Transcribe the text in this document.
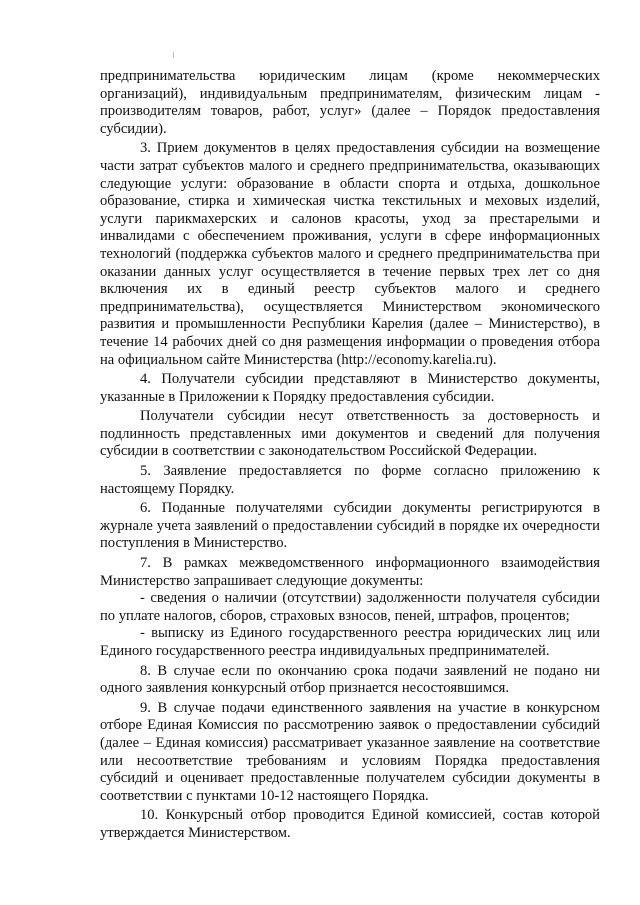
предпринимательства юридическим лицам (кроме некоммерческих организаций), индивидуальным предпринимателям, физическим лицам - производителям товаров, работ, услуг» (далее – Порядок предоставления субсидии).

3. Прием документов в целях предоставления субсидии на возмещение части затрат субъектов малого и среднего предпринимательства, оказывающих следующие услуги: образование в области спорта и отдыха, дошкольное образование, стирка и химическая чистка текстильных и меховых изделий, услуги парикмахерских и салонов красоты, уход за престарелыми и инвалидами с обеспечением проживания, услуги в сфере информационных технологий (поддержка субъектов малого и среднего предпринимательства при оказании данных услуг осуществляется в течение первых трех лет со дня включения их в единый реестр субъектов малого и среднего предпринимательства), осуществляется Министерством экономического развития и промышленности Республики Карелия (далее – Министерство), в течение 14 рабочих дней со дня размещения информации о проведения отбора на официальном сайте Министерства (http://economy.karelia.ru).

4. Получатели субсидии представляют в Министерство документы, указанные в Приложении к Порядку предоставления субсидии.

Получатели субсидии несут ответственность за достоверность и подлинность представленных ими документов и сведений для получения субсидии в соответствии с законодательством Российской Федерации.

5. Заявление предоставляется по форме согласно приложению к настоящему Порядку.

6. Поданные получателями субсидии документы регистрируются в журнале учета заявлений о предоставлении субсидий в порядке их очередности поступления в Министерство.

7. В рамках межведомственного информационного взаимодействия Министерство запрашивает следующие документы:

- сведения о наличии (отсутствии) задолженности получателя субсидии по уплате налогов, сборов, страховых взносов, пеней, штрафов, процентов;

- выписку из Единого государственного реестра юридических лиц или Единого государственного реестра индивидуальных предпринимателей.

8. В случае если по окончанию срока подачи заявлений не подано ни одного заявления конкурсный отбор признается несостоявшимся.

9. В случае подачи единственного заявления на участие в конкурсном отборе Единая Комиссия по рассмотрению заявок о предоставлении субсидий (далее – Единая комиссия) рассматривает указанное заявление на соответствие или несоответствие требованиям и условиям Порядка предоставления субсидий и оценивает предоставленные получателем субсидии документы в соответствии с пунктами 10-12 настоящего Порядка.

10. Конкурсный отбор проводится Единой комиссией, состав которой утверждается Министерством.
